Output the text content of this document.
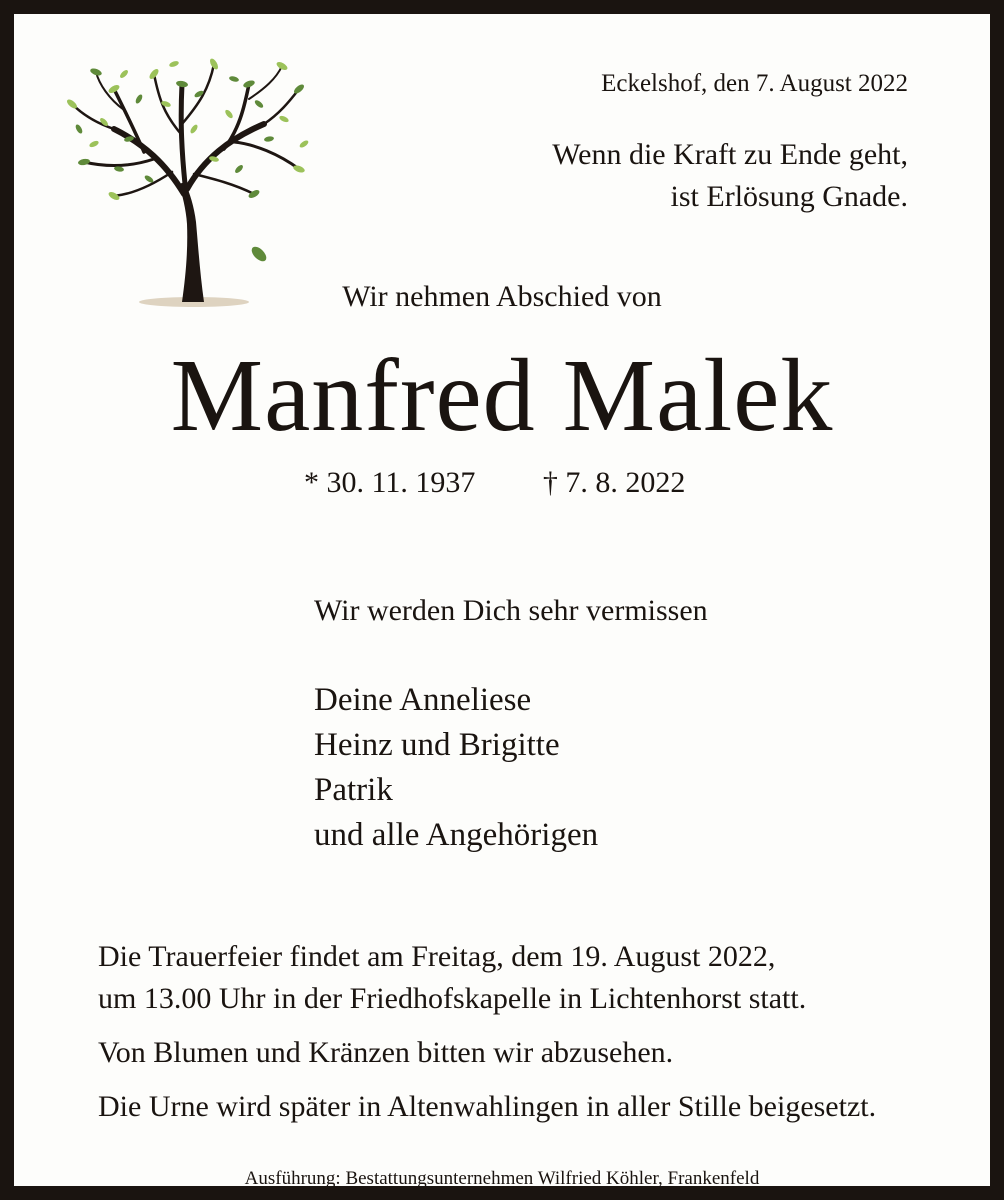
Eckelshof, den 7. August 2022
Wenn die Kraft zu Ende geht,
ist Erlösung Gnade.
Wir nehmen Abschied von
Manfred Malek
* 30. 11. 1937 † 7. 8. 2022
Wir werden Dich sehr vermissen
Deine Anneliese
Heinz und Brigitte
Patrik
und alle Angehörigen

Die Trauerfeier findet am Freitag, dem 19. August 2022,
um 13.00 Uhr in der Friedhofskapelle in Lichtenhorst statt.

Von Blumen und Kränzen bitten wir abzusehen.

Die Urne wird später in Altenwahlingen in aller Stille beigesetzt.

Ausführung: Bestattungsunternehmen Wilfried Köhler, Frankenfeld
